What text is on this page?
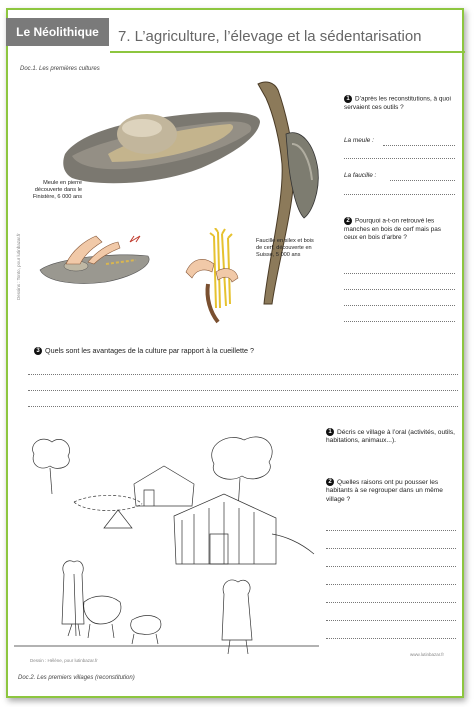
Le Néolithique	7. L’agriculture, l’élevage et la sédentarisation
Doc.1. Les premières cultures
Meule en pierre découverte dans le Finistère, 6 000 ans
Dessins : Tonto, pour lutinbazar.fr	Faucille en silex et bois de cerf, découverte en Suisse, 5 000 ans
1 D’après les reconstitutions, à quoi servaient ces outils ?
La meule :
La faucille :
2 Pourquoi a-t-on retrouvé les manches en bois de cerf mais pas ceux en bois d’arbre ?
3 Quels sont les avantages de la culture par rapport à la cueillette ?
Dessin : Hélène, pour lutinbazar.fr
www.lutinbazar.fr
Doc.2. Les premiers villages (reconstitution)
1 Décris ce village à l’oral (activités, outils, habitations, animaux...).
2 Quelles raisons ont pu pousser les habitants à se regrouper dans un même village ?
